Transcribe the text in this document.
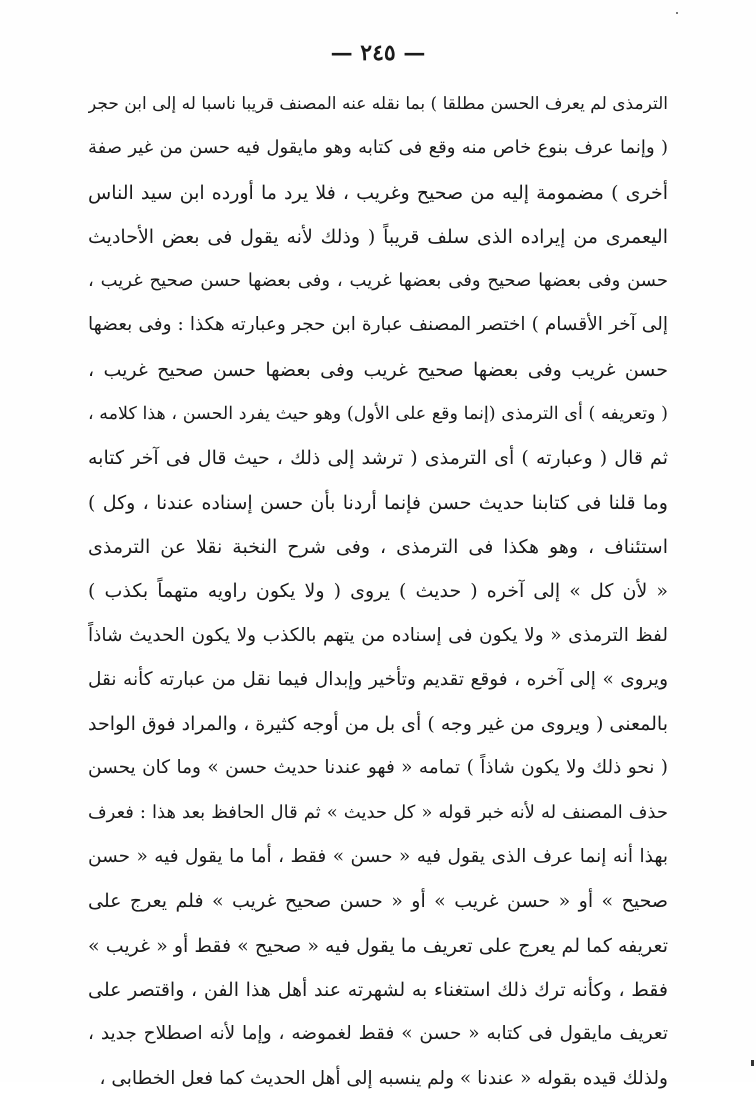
— ٢٤٥ —
الترمذى لم يعرف الحسن مطلقا ) بما نقله عنه المصنف قريبا ناسبا له إلى ابن حجر
( وإنما عرف بنوع خاص منه وقع فى كتابه وهو مايقول فيه حسن من غير صفة
أخرى ) مضمومة إليه من صحيح وغريب ، فلا يرد ما أورده ابن سيد الناس
اليعمرى من إيراده الذى سلف قريباً ( وذلك لأنه يقول فى بعض الأحاديث
حسن وفى بعضها صحيح وفى بعضها غريب ، وفى بعضها حسن صحيح غريب ،
إلى آخر الأقسام ) اختصر المصنف عبارة ابن حجر وعبارته هكذا : وفى بعضها
حسن غريب وفى بعضها صحيح غريب وفى بعضها حسن صحيح غريب ،
( وتعريفه ) أى الترمذى (إنما وقع على الأول) وهو حيث يفرد الحسن ، هذا كلامه ،
ثم قال ( وعبارته ) أى الترمذى ( ترشد إلى ذلك ، حيث قال فى آخر كتابه
وما قلنا فى كتابنا حديث حسن فإنما أردنا بأن حسن إسناده عندنا ، وكل )
استئناف ، وهو هكذا فى الترمذى ، وفى شرح النخبة نقلا عن الترمذى
« لأن كل » إلى آخره ( حديث ) يروى ( ولا يكون راويه متهماً بكذب )
لفظ الترمذى « ولا يكون فى إسناده من يتهم بالكذب ولا يكون الحديث شاذاً
ويروى » إلى آخره ، فوقع تقديم وتأخير وإبدال فيما نقل من عبارته كأنه نقل
بالمعنى ( ويروى من غير وجه ) أى بل من أوجه كثيرة ، والمراد فوق الواحد
( نحو ذلك ولا يكون شاذاً ) تمامه « فهو عندنا حديث حسن » وما كان يحسن
حذف المصنف له لأنه خبر قوله « كل حديث » ثم قال الحافظ بعد هذا : فعرف
بهذا أنه إنما عرف الذى يقول فيه « حسن » فقط ، أما ما يقول فيه « حسن
صحيح » أو « حسن غريب » أو « حسن صحيح غريب » فلم يعرج على
تعريفه كما لم يعرج على تعريف ما يقول فيه « صحيح » فقط أو « غريب »
فقط ، وكأنه ترك ذلك استغناء به لشهرته عند أهل هذا الفن ، واقتصر على
تعريف مايقول فى كتابه « حسن » فقط لغموضه ، وإما لأنه اصطلاح جديد ،
ولذلك قيده بقوله « عندنا » ولم ينسبه إلى أهل الحديث كما فعل الخطابى ،
